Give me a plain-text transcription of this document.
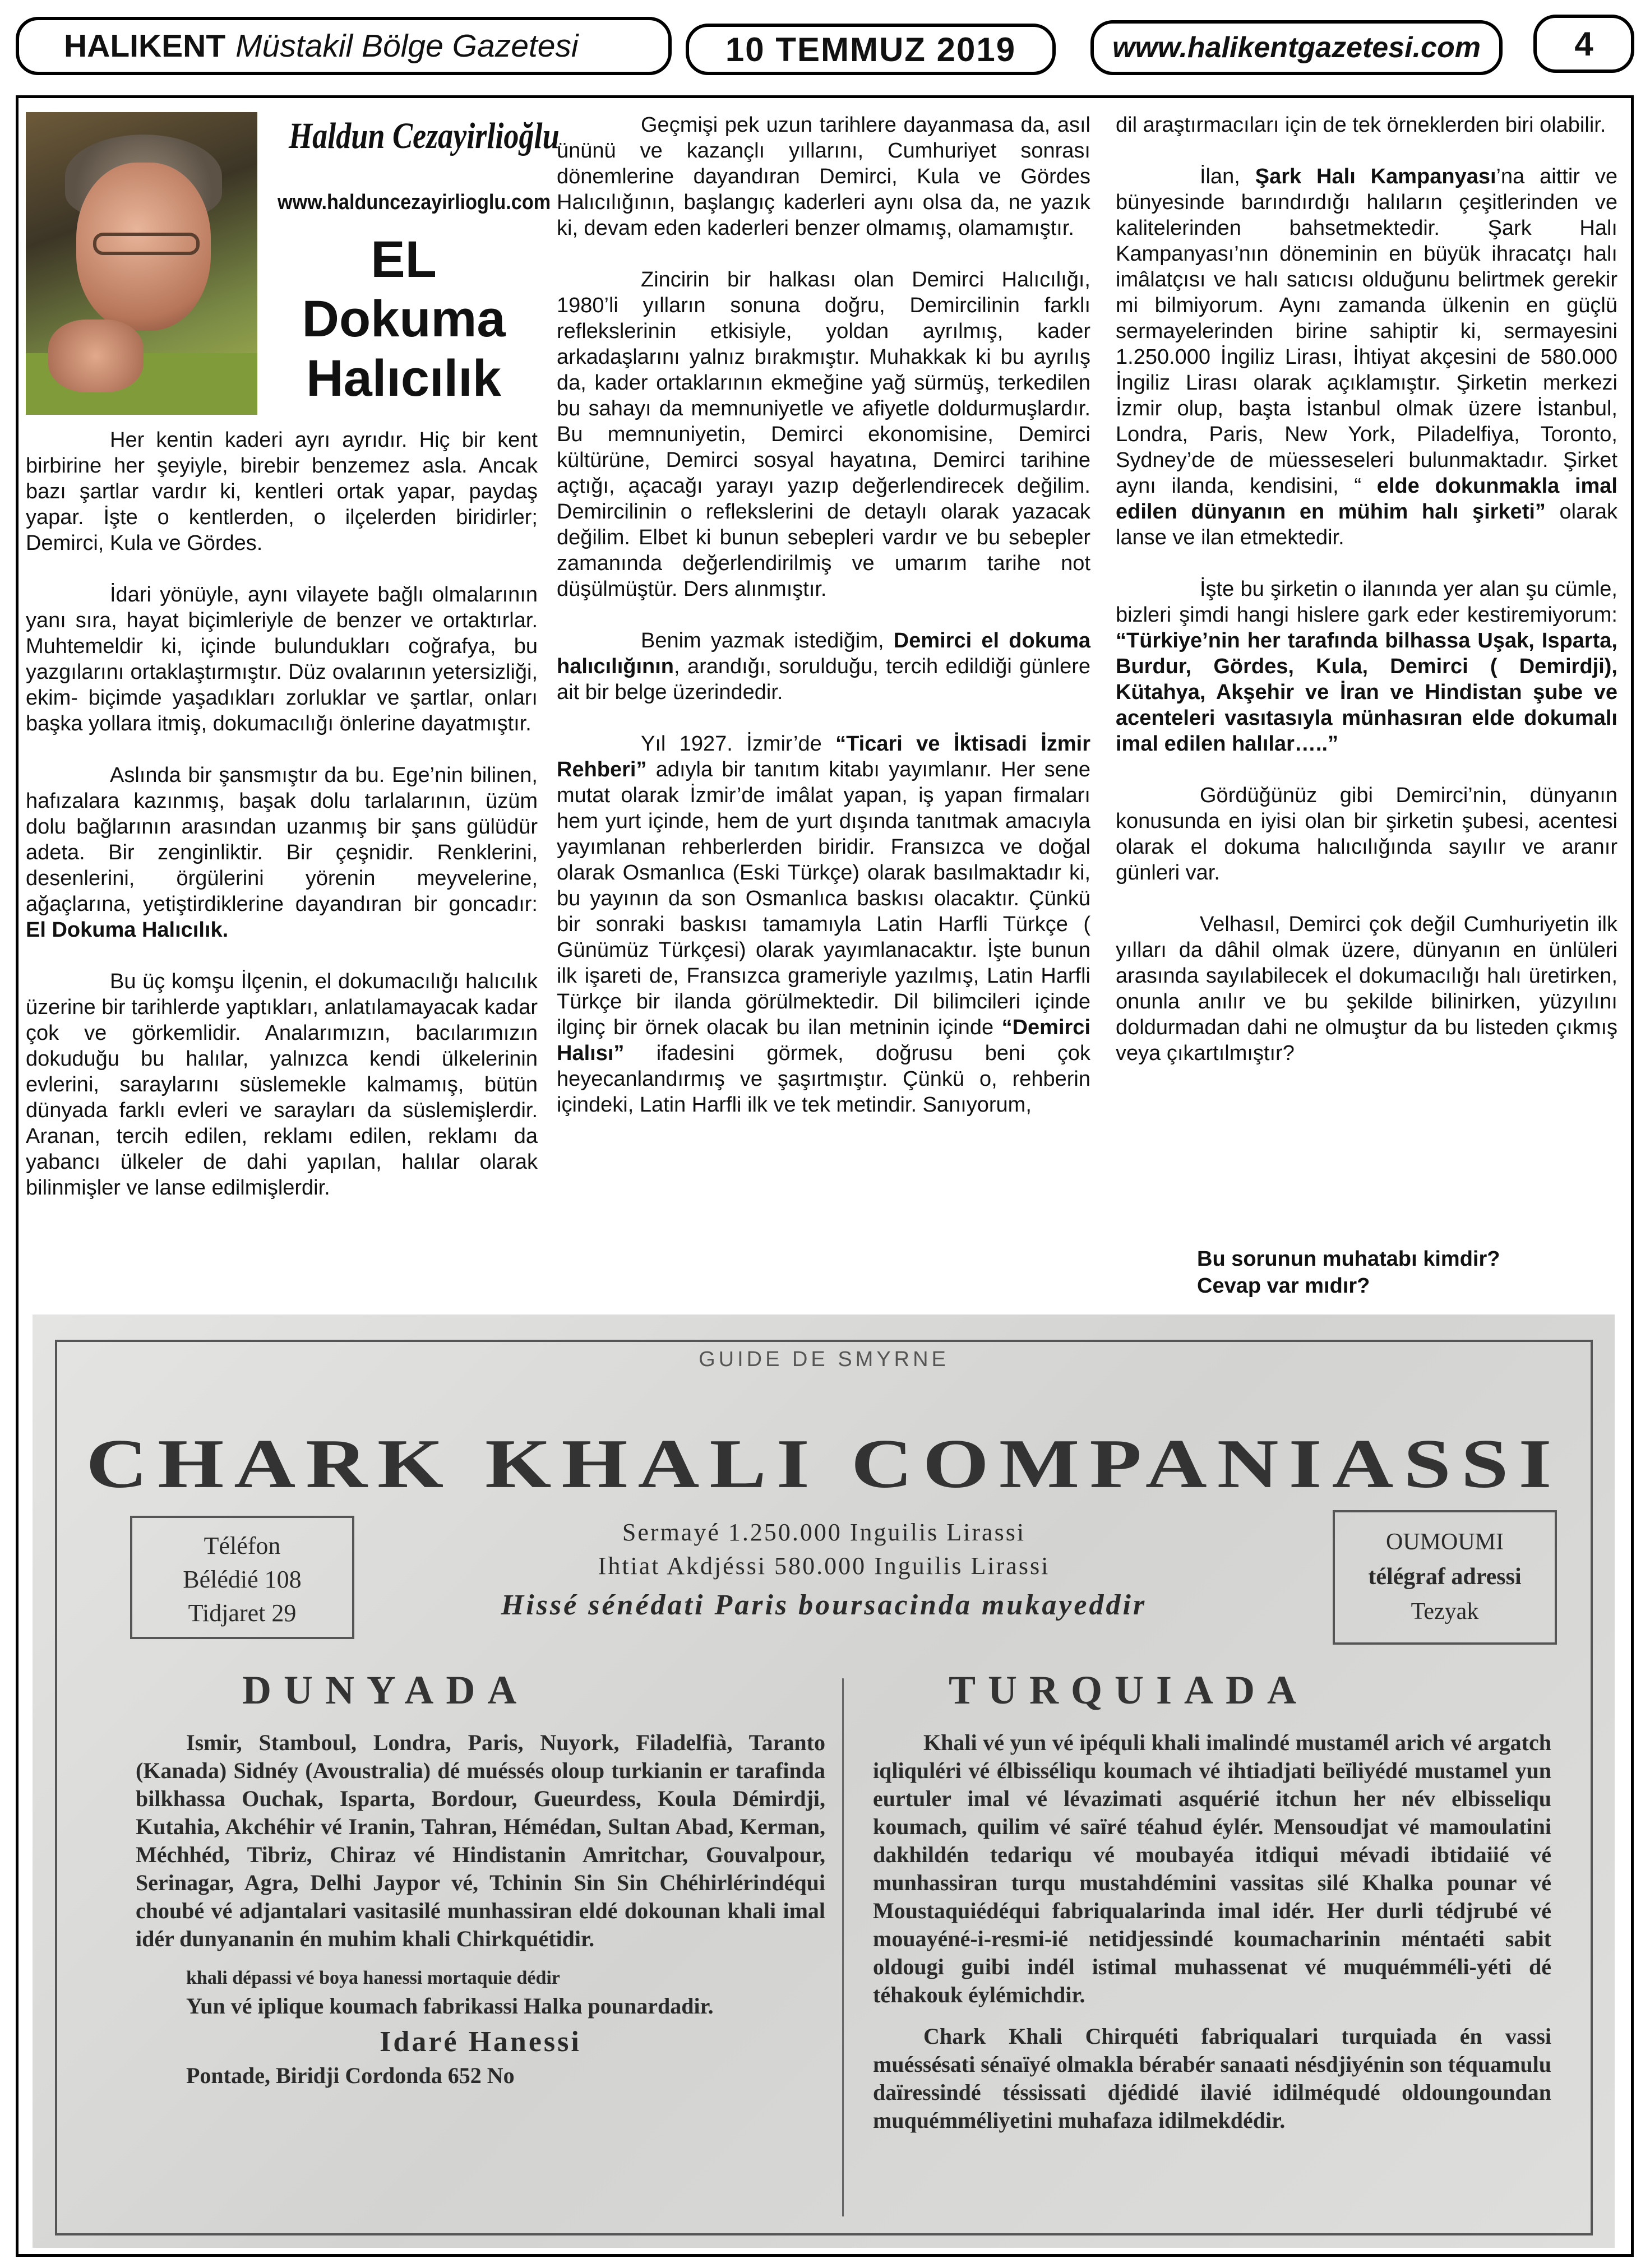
HALIKENT Müstakil Bölge Gazetesi	10 TEMMUZ 2019	www.halikentgazetesi.com	4
Haldun Cezayirlioğlu
www.halduncezayirlioglu.com
EL
Dokuma
Halıcılık

Her kentin kaderi ayrı ayrıdır. Hiç bir kent birbirine her şeyiyle, birebir benzemez asla. Ancak bazı şartlar vardır ki, kentleri ortak yapar, paydaş yapar. İşte o kentlerden, o ilçelerden biridirler; Demirci, Kula ve Gördes.

İdari yönüyle, aynı vilayete bağlı olmalarının yanı sıra, hayat biçimleriyle de benzer ve ortaktırlar. Muhtemeldir ki, içinde bulundukları coğrafya, bu yazgılarını ortaklaştırmıştır. Düz ovalarının yetersizliği, ekim- biçimde yaşadıkları zorluklar ve şartlar, onları başka yollara itmiş, dokumacılığı önlerine dayatmıştır.

Aslında bir şansmıştır da bu. Ege’nin bilinen, hafızalara kazınmış, başak dolu tarlalarının, üzüm dolu bağlarının arasından uzanmış bir şans gülüdür adeta. Bir zenginliktir. Bir çeşnidir. Renklerini, desenlerini, örgülerini yörenin meyvelerine, ağaçlarına, yetiştirdiklerine dayandıran bir goncadır: El Dokuma Halıcılık.

Bu üç komşu İlçenin, el dokumacılığı halıcılık üzerine bir tarihlerde yaptıkları, anlatılamayacak kadar çok ve görkemlidir. Analarımızın, bacılarımızın dokuduğu bu halılar, yalnızca kendi ülkelerinin evlerini, saraylarını süslemekle kalmamış, bütün dünyada farklı evleri ve sarayları da süslemişlerdir. Aranan, tercih edilen, reklamı edilen, reklamı da yabancı ülkeler de dahi yapılan, halılar olarak bilinmişler ve lanse edilmişlerdir.

Geçmişi pek uzun tarihlere dayanmasa da, asıl ününü ve kazançlı yıllarını, Cumhuriyet sonrası dönemlerine dayandıran Demirci, Kula ve Gördes Halıcılığının, başlangıç kaderleri aynı olsa da, ne yazık ki, devam eden kaderleri benzer olmamış, olamamıştır.

Zincirin bir halkası olan Demirci Halıcılığı, 1980’li yılların sonuna doğru, Demircilinin farklı reflekslerinin etkisiyle, yoldan ayrılmış, kader arkadaşlarını yalnız bırakmıştır. Muhakkak ki bu ayrılış da, kader ortaklarının ekmeğine yağ sürmüş, terkedilen bu sahayı da memnuniyetle ve afiyetle doldurmuşlardır. Bu memnuniyetin, Demirci ekonomisine, Demirci kültürüne, Demirci sosyal hayatına, Demirci tarihine açtığı, açacağı yarayı yazıp değerlendirecek değilim. Demircilinin o reflekslerini de detaylı olarak yazacak değilim. Elbet ki bunun sebepleri vardır ve bu sebepler zamanında değerlendirilmiş ve umarım tarihe not düşülmüştür. Ders alınmıştır.

Benim yazmak istediğim, Demirci el dokuma halıcılığının, arandığı, sorulduğu, tercih edildiği günlere ait bir belge üzerindedir.

Yıl 1927. İzmir’de “Ticari ve İktisadi İzmir Rehberi” adıyla bir tanıtım kitabı yayımlanır. Her sene mutat olarak İzmir’de imâlat yapan, iş yapan firmaları hem yurt içinde, hem de yurt dışında tanıtmak amacıyla yayımlanan rehberlerden biridir. Fransızca ve doğal olarak Osmanlıca (Eski Türkçe) olarak basılmaktadır ki, bu yayının da son Osmanlıca baskısı olacaktır. Çünkü bir sonraki baskısı tamamıyla Latin Harfli Türkçe ( Günümüz Türkçesi) olarak yayımlanacaktır. İşte bunun ilk işareti de, Fransızca grameriyle yazılmış, Latin Harfli Türkçe bir ilanda görülmektedir. Dil bilimcileri içinde ilginç bir örnek olacak bu ilan metninin içinde “Demirci Halısı” ifadesini görmek, doğrusu beni çok heyecanlandırmış ve şaşırtmıştır. Çünkü o, rehberin içindeki, Latin Harfli ilk ve tek metindir. Sanıyorum,

dil araştırmacıları için de tek örneklerden biri olabilir.

İlan, Şark Halı Kampanyası’na aittir ve bünyesinde barındırdığı halıların çeşitlerinden ve kalitelerinden bahsetmektedir. Şark Halı Kampanyası’nın döneminin en büyük ihracatçı halı imâlatçısı ve halı satıcısı olduğunu belirtmek gerekir mi bilmiyorum. Aynı zamanda ülkenin en güçlü sermayelerinden birine sahiptir ki, sermayesini 1.250.000 İngiliz Lirası, İhtiyat akçesini de 580.000 İngiliz Lirası olarak açıklamıştır. Şirketin merkezi İzmir olup, başta İstanbul olmak üzere İstanbul, Londra, Paris, New York, Piladelfiya, Toronto, Sydney’de de müesseseleri bulunmaktadır. Şirket aynı ilanda, kendisini, “ elde dokunmakla imal edilen dünyanın en mühim halı şirketi” olarak lanse ve ilan etmektedir.

İşte bu şirketin o ilanında yer alan şu cümle, bizleri şimdi hangi hislere gark eder kestiremiyorum: “Türkiye’nin her tarafında bilhassa Uşak, Isparta, Burdur, Gördes, Kula, Demirci ( Demirdji), Kütahya, Akşehir ve İran ve Hindistan şube ve acenteleri vasıtasıyla münhasıran elde dokumalı imal edilen halılar…..”

Gördüğünüz gibi Demirci’nin, dünyanın konusunda en iyisi olan bir şirketin şubesi, acentesi olarak el dokuma halıcılığında sayılır ve aranır günleri var.

Velhasıl, Demirci çok değil Cumhuriyetin ilk yılları da dâhil olmak üzere, dünyanın en ünlüleri arasında sayılabilecek el dokumacılığı halı üretirken, onunla anılır ve bu şekilde bilinirken, yüzyılını doldurmadan dahi ne olmuştur da bu listeden çıkmış veya çıkartılmıştır?

Bu sorunun muhatabı kimdir?
Cevap var mıdır?
GUIDE DE SMYRNE
CHARK KHALI COMPANIASSI
Sermayé 1.250.000 Inguilis Lirassi
Ihtiat Akdjéssi 580.000 Inguilis Lirassi
Hissé sénédati Paris boursacinda mukayeddir
Téléfon
Bélédié 108
Tidjaret 29
OUMOUMI
télégraf adressi
Tezyak
DUNYADA	TURQUIADA

Ismir, Stamboul, Londra, Paris, Nuyork, Filadelfià, Taranto (Kanada) Sidnéy (Avoustralia) dé muéssés oloup turkianin er tarafinda bilkhassa Ouchak, Isparta, Bordour, Gueurdess, Koula Démirdji, Kutahia, Akchéhir vé Iranin, Tahran, Hémédan, Sultan Abad, Kerman, Méchhéd, Tibriz, Chiraz vé Hindistanin Amritchar, Gouvalpour, Serinagar, Agra, Delhi Jaypor vé, Tchinin Sin Sin Chéhirlérindéqui choubé vé adjantalari vasitasilé munhassiran eldé dokounan khali imal idér dunyananin én muhim khali Chirkquétidir.

khali dépassi vé boya hanessi mortaquie dédir

Yun vé iplique koumach fabrikassi Halka pounardadir.

Idaré Hanessi

Pontade, Biridji Cordonda 652 No

Khali vé yun vé ipéquli khali imalindé mustamél arich vé argatch iqliquléri vé élbisséliqu koumach vé ihtiadjati beïliyédé mustamel yun eurtuler imal vé lévazimati asquérié itchun her név elbisseliqu koumach, quilim vé saïré téahud éylér. Mensoudjat vé mamoulatini dakhildén tedariqu vé moubayéa itdiqui mévadi ibtidaiié vé munhassiran turqu mustahdémini vassitas silé Khalka pounar vé Moustaquiédéqui fabriqualarinda imal idér. Her durli tédjrubé vé mouayéné-i-resmi-ié netidjessindé koumacharinin méntaéti sabit oldougi guibi indél istimal muhassenat vé muquémméli-yéti dé téhakouk éylémichdir.

Chark Khali Chirquéti fabriqualari turquiada én vassi muéssésati sénaïyé olmakla bérabér sanaati nésdjiyénin son téquamulu daïressindé téssissati djédidé ilavié idilméqudé oldoungoundan muquémméliyetini muhafaza idilmekdédir.
